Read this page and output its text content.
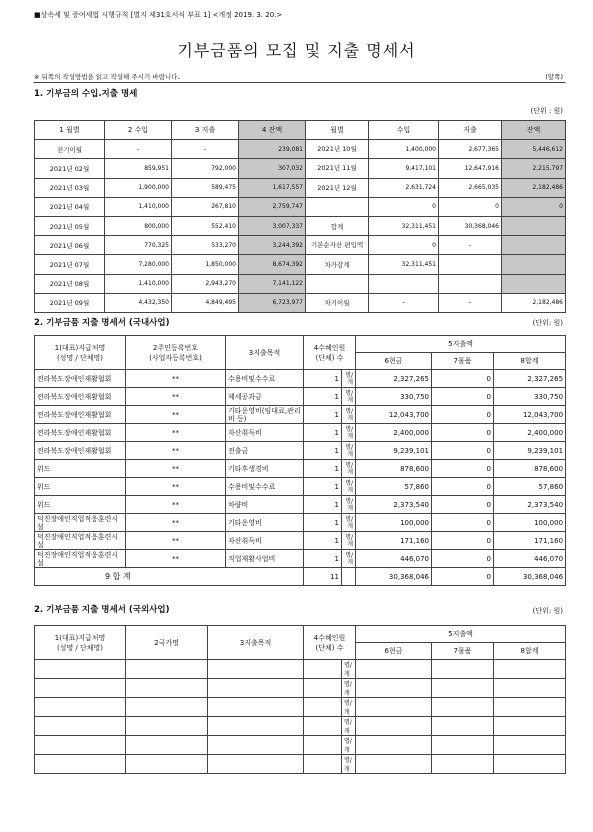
■상속세 및 증여세법 시행규칙 [별지 제31호서식 부표 1] <개정 2019. 3. 20.>
기부금품의 모집 및 지출 명세서
※ 뒤쪽의 작성방법을 읽고 작성해 주시기 바랍니다.	(앞쪽)
1. 기부금의 수입.지출 명세
(단위 : 원)
1 월별	2 수입	3 지출	4 잔액	월별	수입	지출	잔액
전기이월	–	–	239,081	2021년 10월	1,400,000	2,677,365	5,446,612
2021년 02월	859,951	792,000	307,032	2021년 11월	9,417,101	12,647,916	2,215,797
2021년 03월	1,900,000	589,475	1,617,557	2021년 12월	2,631,724	2,665,035	2,182,486
2021년 04월	1,410,000	267,810	2,759,747		0	0	0
2021년 05월	800,000	552,410	3,007,337	합계	32,311,451	30,368,046	
2021년 06월	770,325	533,270	3,244,392	기본순자산 편입액	0	–	
2021년 07월	7,280,000	1,850,000	8,674,392	차가감계	32,311,451		
2021년 08월	1,410,000	2,943,270	7,141,122				
2021년 09월	4,432,350	4,849,495	6,723,977	차기이월	–	–	2,182,486
2. 기부금품 지출 명세서 (국내사업)	(단위: 원)
1(대표)지급처명
(성명 / 단체명)	2주민등록번호
(사업자등록번호)	3지출목적	4수혜인원
(단체) 수		5지출액		
					6현금	7물품	8합계
전라북도장애인재활협회	**	수용비및수수료	1	명/개	2,327,265	0	2,327,265
전라북도장애인재활협회	**	제세공과금	1	명/개	330,750	0	330,750
전라북도장애인재활협회	**	기타운영비(임대료,관리비 등)	1	명/개	12,043,700	0	12,043,700
전라북도장애인재활협회	**	자산취득비	1	명/개	2,400,000	0	2,400,000
전라북도장애인재활협회	**	전출금	1	명/개	9,239,101	0	9,239,101
위드	**	기타후생경비	1	명/개	878,600	0	878,600
위드	**	수용비및수수료	1	명/개	57,860	0	57,860
위드	**	차량비	1	명/개	2,373,540	0	2,373,540
덕진장애인직업적응훈련시설	**	기타운영비	1	명/개	100,000	0	100,000
덕진장애인직업적응훈련시설	**	자산취득비	1	명/개	171,160	0	171,160
덕진장애인직업적응훈련시설	**	직업재활사업비	1	명/개	446,070	0	446,070
9 합 계			11		30,368,046	0	30,368,046
2. 기부금품 지출 명세서 (국외사업)	(단위: 원)
1(대표)지급처명
(성명 / 단체명)	2국가명	3지출목적	4수혜인원
(단체) 수		5지출액		
					6현금	7물품	8합계
				명/개			
				명/개			
				명/개			
				명/개			
				명/개			
				명/개			
